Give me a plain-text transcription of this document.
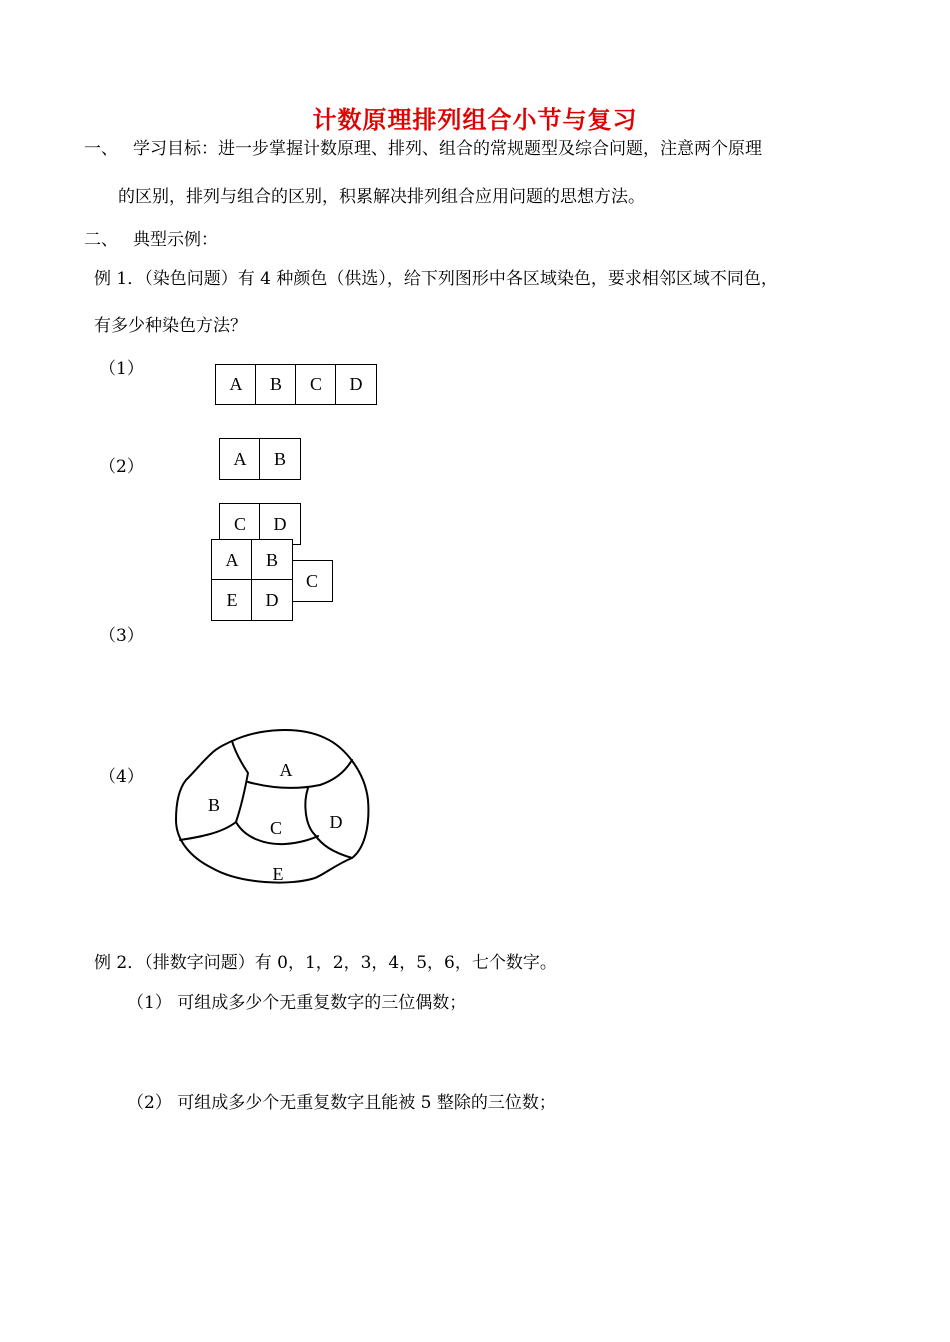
计数原理排列组合小节与复习
一、 学习目标：进一步掌握计数原理、排列、组合的常规题型及综合问题，注意两个原理
的区别，排列与组合的区别，积累解决排列组合应用问题的思想方法。
二、 典型示例：
例 1．（染色问题）有 4 种颜色（供选），给下列图形中各区域染色，要求相邻区域不同色，
有多少种染色方法？
（1）
A	B	C	D
（2）	A	B
C	D
（3）
C
A	B
E	D
（4）	A
B
C	D
E
例 2．（排数字问题）有 0，1，2，3，4，5，6，七个数字。
（1） 可组成多少个无重复数字的三位偶数；
（2） 可组成多少个无重复数字且能被 5 整除的三位数；
